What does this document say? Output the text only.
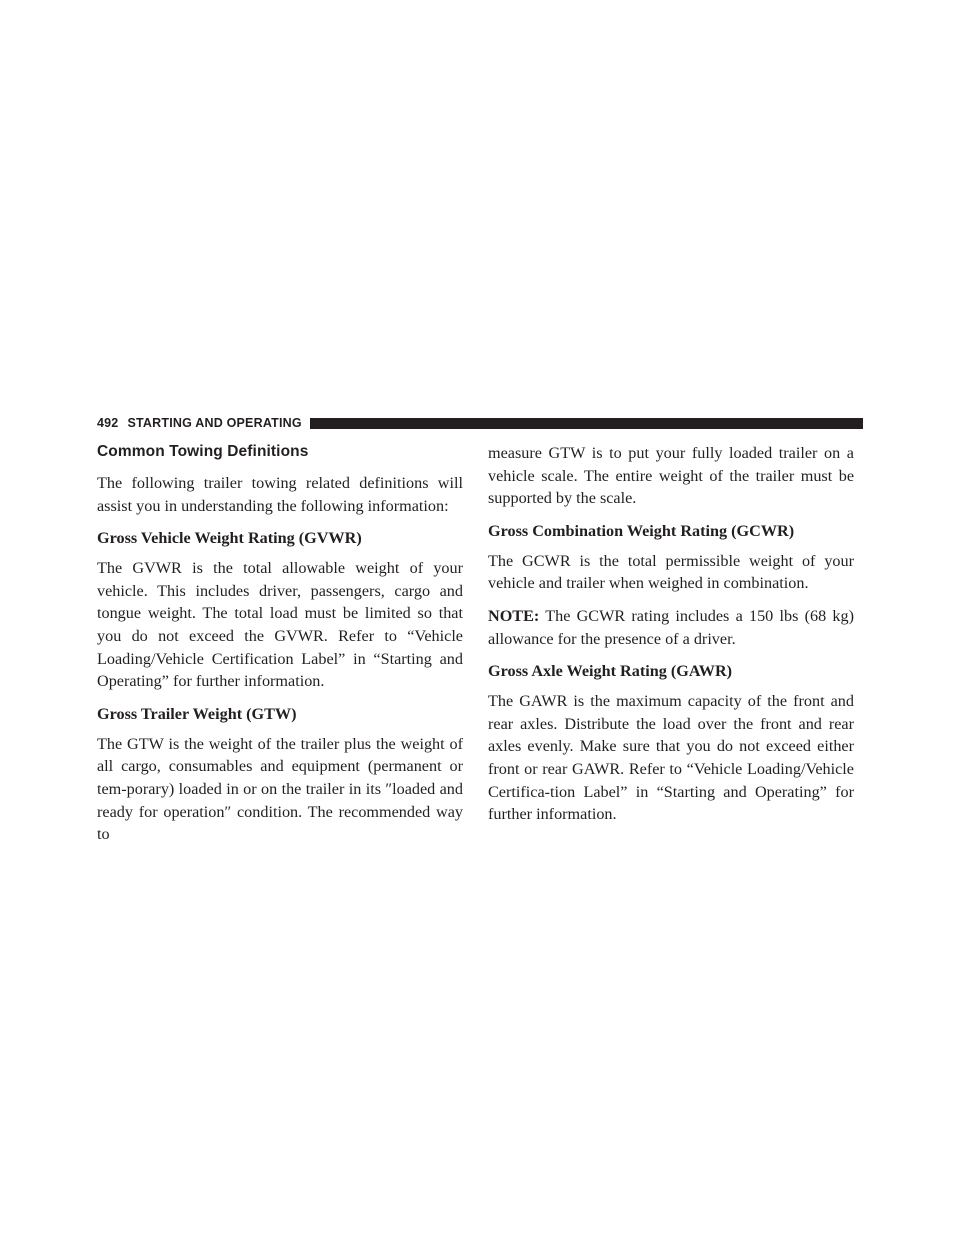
492 STARTING AND OPERATING
Common Towing Definitions

The following trailer towing related definitions will assist you in understanding the following information:

Gross Vehicle Weight Rating (GVWR)

The GVWR is the total allowable weight of your vehicle. This includes driver, passengers, cargo and tongue weight. The total load must be limited so that you do not exceed the GVWR. Refer to “Vehicle Loading/Vehicle Certification Label” in “Starting and Operating” for further information.

Gross Trailer Weight (GTW)

The GTW is the weight of the trailer plus the weight of all cargo, consumables and equipment (permanent or tem-porary) loaded in or on the trailer in its ″loaded and ready for operation″ condition. The recommended way to

measure GTW is to put your fully loaded trailer on a vehicle scale. The entire weight of the trailer must be supported by the scale.

Gross Combination Weight Rating (GCWR)

The GCWR is the total permissible weight of your vehicle and trailer when weighed in combination.

NOTE: The GCWR rating includes a 150 lbs (68 kg) allowance for the presence of a driver.

Gross Axle Weight Rating (GAWR)

The GAWR is the maximum capacity of the front and rear axles. Distribute the load over the front and rear axles evenly. Make sure that you do not exceed either front or rear GAWR. Refer to “Vehicle Loading/Vehicle Certifica-tion Label” in “Starting and Operating” for further information.
